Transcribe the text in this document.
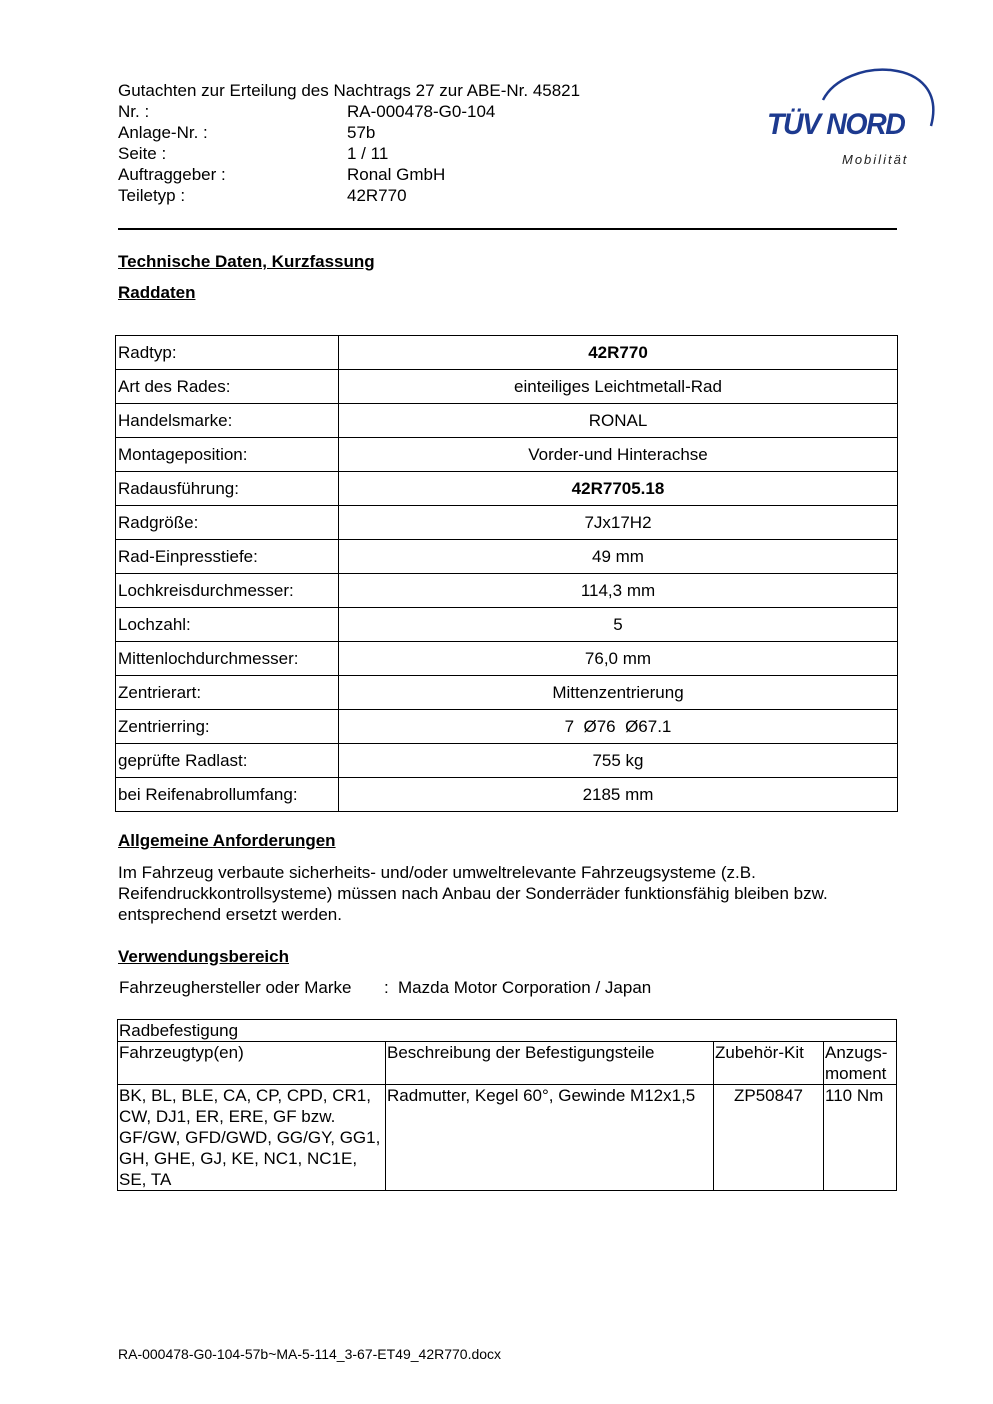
Gutachten zur Erteilung des Nachtrags 27 zur ABE-Nr. 45821
Nr. :	RA-000478-G0-104
Anlage-Nr. :	57b
Seite :	1 / 11
Auftraggeber :	Ronal GmbH
Teiletyp :	42R770
TÜV NORD
Mobilität
Technische Daten, Kurzfassung
Raddaten
Radtyp:	42R770
Art des Rades:	einteiliges Leichtmetall-Rad
Handelsmarke:	RONAL
Montageposition:	Vorder-und Hinterachse
Radausführung:	42R7705.18
Radgröße:	7Jx17H2
Rad-Einpresstiefe:	49 mm
Lochkreisdurchmesser:	114,3 mm
Lochzahl:	5
Mittenlochdurchmesser:	76,0 mm
Zentrierart:	Mittenzentrierung
Zentrierring:	7  Ø76  Ø67.1
geprüfte Radlast:	755 kg
bei Reifenabrollumfang:	2185 mm
Allgemeine Anforderungen
Im Fahrzeug verbaute sicherheits- und/oder umweltrelevante Fahrzeugsysteme (z.B. Reifendruckkontrollsysteme) müssen nach Anbau der Sonderräder funktionsfähig bleiben bzw. entsprechend ersetzt werden.
Verwendungsbereich
Fahrzeughersteller oder Marke	: Mazda Motor Corporation / Japan
Radbefestigung			
Fahrzeugtyp(en)	Beschreibung der Befestigungsteile	Zubehör-Kit	Anzugs-
moment
BK, BL, BLE, CA, CP, CPD, CR1, CW, DJ1, ER, ERE, GF bzw. GF/GW, GFD/GWD, GG/GY, GG1, GH, GHE, GJ, KE, NC1, NC1E, SE, TA	Radmutter, Kegel 60°, Gewinde M12x1,5	ZP50847	110 Nm
RA-000478-G0-104-57b~MA-5-114_3-67-ET49_42R770.docx
